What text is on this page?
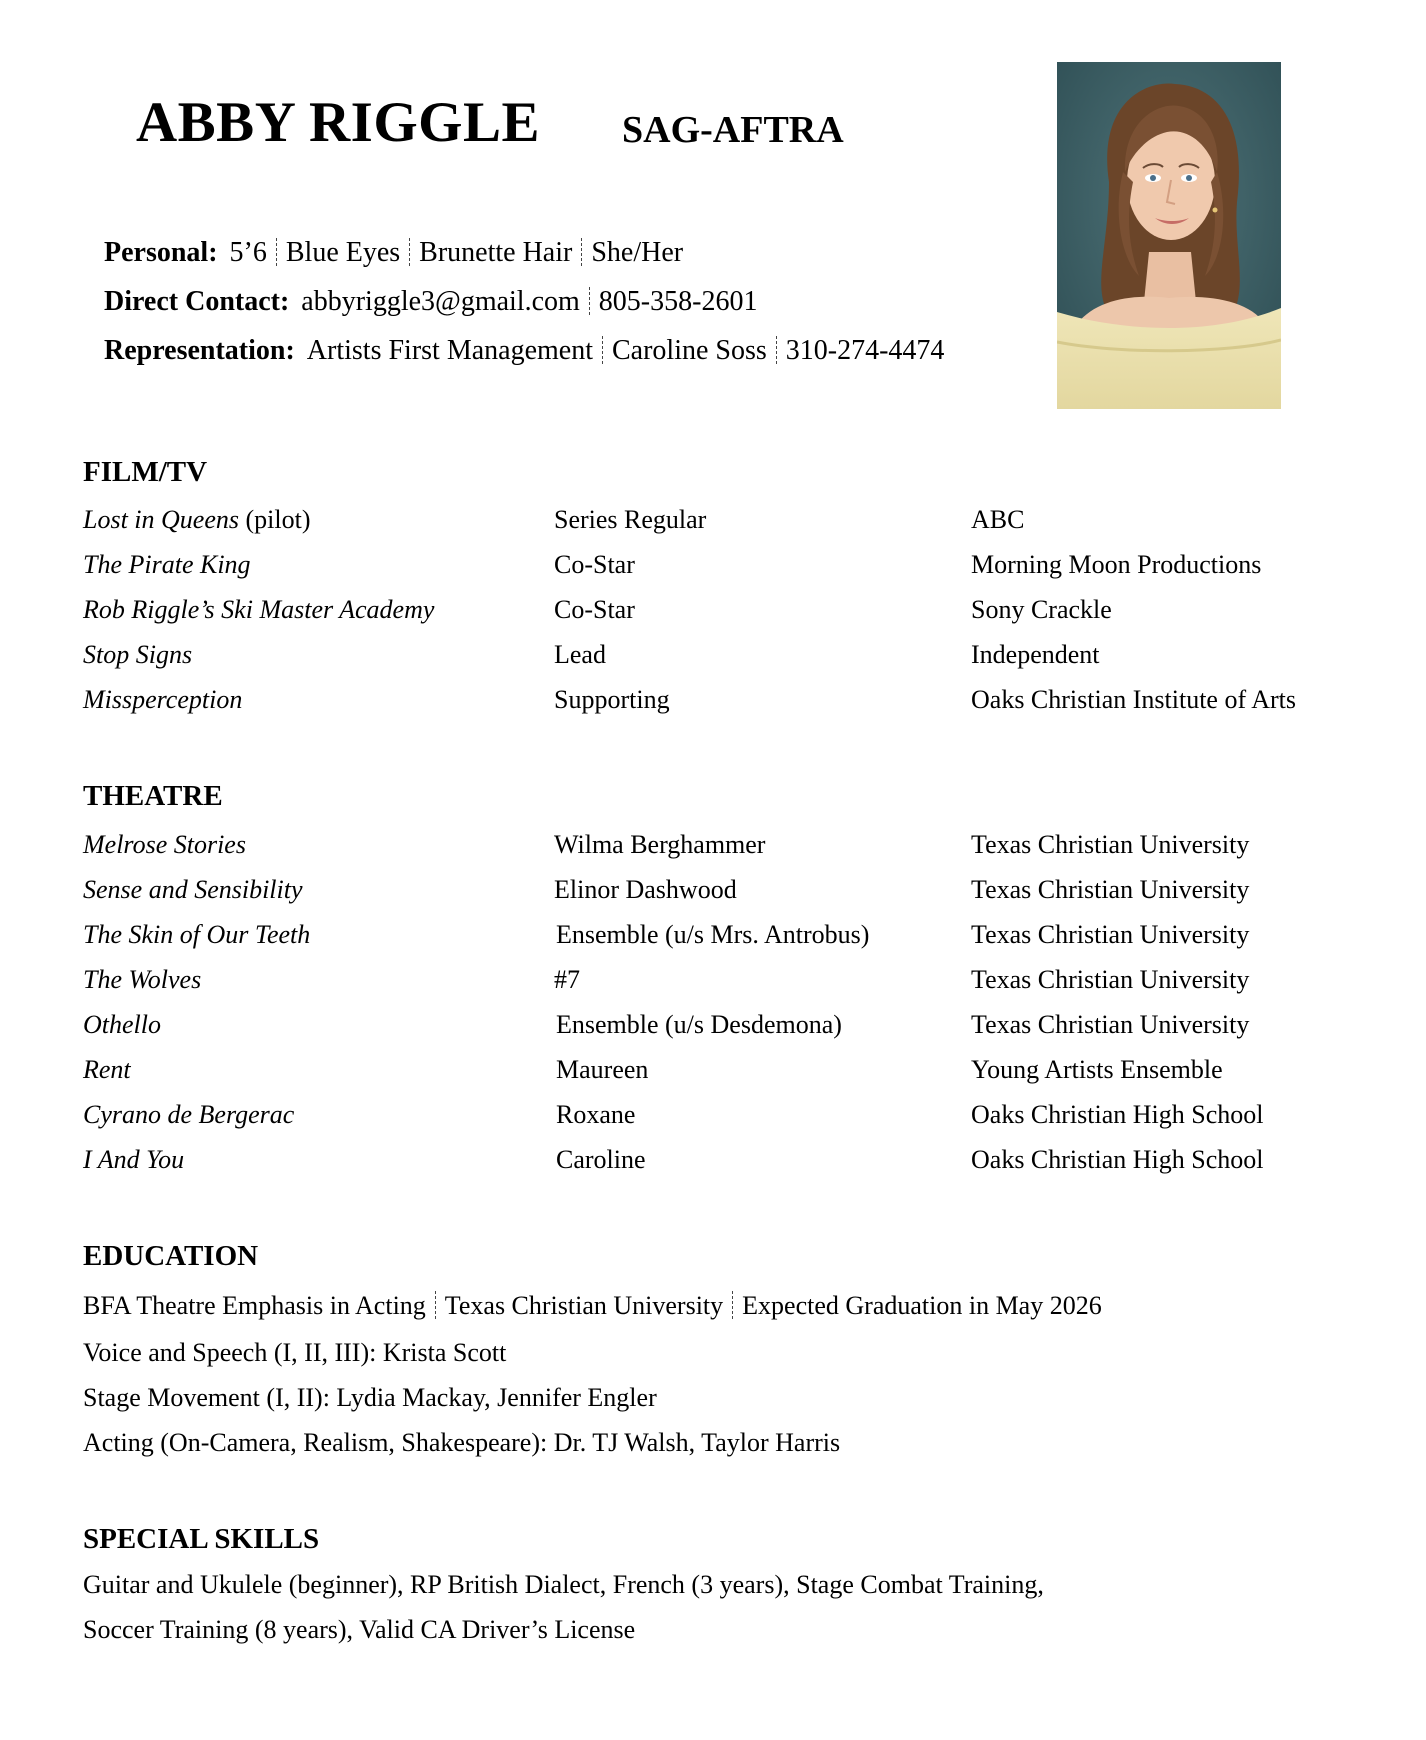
ABBY RIGGLE SAG-AFTRA
Personal: 5’6 Blue Eyes Brunette Hair She/Her
Direct Contact: abbyriggle3@gmail.com 805-358-2601
Representation: Artists First Management Caroline Soss 310-274-4474
FILM/TV
Lost in Queens (pilot)	Series Regular	ABC
The Pirate King	Co-Star	Morning Moon Productions
Rob Riggle’s Ski Master Academy	Co-Star	Sony Crackle
Stop Signs	Lead	Independent
Missperception	Supporting	Oaks Christian Institute of Arts
THEATRE
Melrose Stories	Wilma Berghammer	Texas Christian University
Sense and Sensibility	Elinor Dashwood	Texas Christian University
The Skin of Our Teeth	Ensemble (u/s Mrs. Antrobus)	Texas Christian University
The Wolves	#7	Texas Christian University
Othello	Ensemble (u/s Desdemona)	Texas Christian University
Rent	Maureen	Young Artists Ensemble
Cyrano de Bergerac	Roxane	Oaks Christian High School
I And You	Caroline	Oaks Christian High School
EDUCATION
BFA Theatre Emphasis in Acting Texas Christian University Expected Graduation in May 2026
Voice and Speech (I, II, III): Krista Scott
Stage Movement (I, II): Lydia Mackay, Jennifer Engler
Acting (On-Camera, Realism, Shakespeare): Dr. TJ Walsh, Taylor Harris
SPECIAL SKILLS
Guitar and Ukulele (beginner), RP British Dialect, French (3 years), Stage Combat Training,
Soccer Training (8 years), Valid CA Driver’s License
